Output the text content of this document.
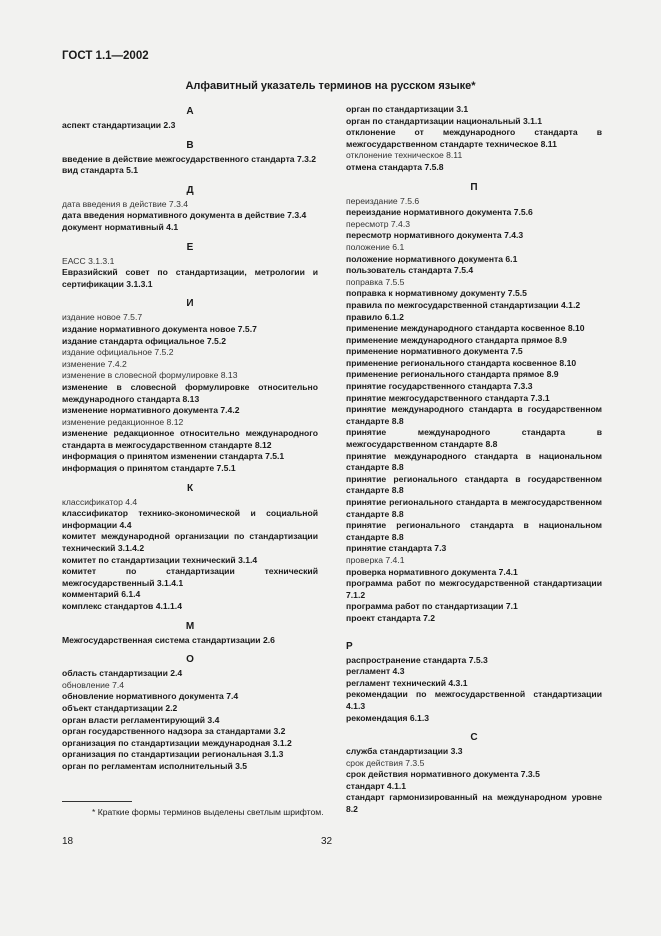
ГОСТ 1.1—2002
Алфавитный указатель терминов на русском языке*
А
аспект стандартизации 2.3
В
введение в действие межгосударственного стандарта 7.3.2
вид стандарта 5.1
Д
дата введения в действие 7.3.4
дата введения нормативного документа в действие 7.3.4
документ нормативный 4.1
Е
ЕАСС 3.1.3.1
Евразийский совет по стандартизации, метрологии и сертификации 3.1.3.1
И
издание новое 7.5.7
издание нормативного документа новое 7.5.7
издание стандарта официальное 7.5.2
издание официальное 7.5.2
изменение 7.4.2
изменение в словесной формулировке 8.13
изменение в словесной формулировке относительно международного стандарта 8.13
изменение нормативного документа 7.4.2
изменение редакционное 8.12
изменение редакционное относительно международного стандарта в межгосударственном стандарте 8.12
информация о принятом изменении стандарта 7.5.1
информация о принятом стандарте 7.5.1
К
классификатор 4.4
классификатор технико-экономической и социальной информации 4.4
комитет международной организации по стандартизации технический 3.1.4.2
комитет по стандартизации технический 3.1.4
комитет по стандартизации технический межгосударственный 3.1.4.1
комментарий 6.1.4
комплекс стандартов 4.1.1.4
М
Межгосударственная система стандартизации 2.6
О
область стандартизации 2.4
обновление 7.4
обновление нормативного документа 7.4
объект стандартизации 2.2
орган власти регламентирующий 3.4
орган государственного надзора за стандартами 3.2
организация по стандартизации международная 3.1.2
организация по стандартизации региональная 3.1.3
орган по регламентам исполнительный 3.5
орган по стандартизации 3.1
орган по стандартизации национальный 3.1.1
отклонение от международного стандарта в межгосударственном стандарте техническое 8.11
отклонение техническое 8.11
отмена стандарта 7.5.8
П
переиздание 7.5.6
переиздание нормативного документа 7.5.6
пересмотр 7.4.3
пересмотр нормативного документа 7.4.3
положение 6.1
положение нормативного документа 6.1
пользователь стандарта 7.5.4
поправка 7.5.5
поправка к нормативному документу 7.5.5
правила по межгосударственной стандартизации 4.1.2
правило 6.1.2
применение международного стандарта косвенное 8.10
применение международного стандарта прямое 8.9
применение нормативного документа 7.5
применение регионального стандарта косвенное 8.10
применение регионального стандарта прямое 8.9
принятие государственного стандарта 7.3.3
принятие межгосударственного стандарта 7.3.1
принятие международного стандарта в государственном стандарте 8.8
принятие международного стандарта в межгосударственном стандарте 8.8
принятие международного стандарта в национальном стандарте 8.8
принятие регионального стандарта в государственном стандарте 8.8
принятие регионального стандарта в межгосударственном стандарте 8.8
принятие регионального стандарта в национальном стандарте 8.8
принятие стандарта 7.3
проверка 7.4.1
проверка нормативного документа 7.4.1
программа работ по межгосударственной стандартизации 7.1.2
программа работ по стандартизации 7.1
проект стандарта 7.2
Р
распространение стандарта 7.5.3
регламент 4.3
регламент технический 4.3.1
рекомендации по межгосударственной стандартизации 4.1.3
рекомендация 6.1.3
С
служба стандартизации 3.3
срок действия 7.3.5
срок действия нормативного документа 7.3.5
стандарт 4.1.1
стандарт гармонизированный на международном уровне 8.2
* Краткие формы терминов выделены светлым шрифтом.
18	32
